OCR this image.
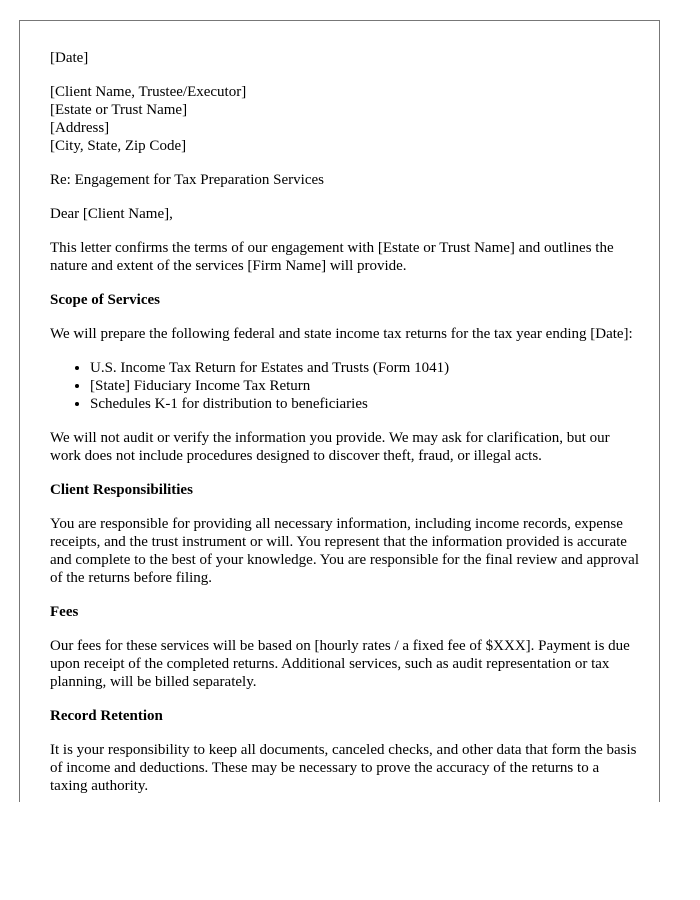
[Date]

[Client Name, Trustee/Executor]

[Estate or Trust Name]

[Address]

[City, State, Zip Code]

Re: Engagement for Tax Preparation Services

Dear [Client Name],

This letter confirms the terms of our engagement with [Estate or Trust Name] and outlines the nature and extent of the services [Firm Name] will provide.

Scope of Services

We will prepare the following federal and state income tax returns for the tax year ending [Date]:

• U.S. Income Tax Return for Estates and Trusts (Form 1041)
• [State] Fiduciary Income Tax Return
• Schedules K-1 for distribution to beneficiaries

We will not audit or verify the information you provide. We may ask for clarification, but our work does not include procedures designed to discover theft, fraud, or illegal acts.

Client Responsibilities

You are responsible for providing all necessary information, including income records, expense receipts, and the trust instrument or will. You represent that the information provided is accurate and complete to the best of your knowledge. You are responsible for the final review and approval of the returns before filing.

Fees

Our fees for these services will be based on [hourly rates / a fixed fee of $XXX]. Payment is due upon receipt of the completed returns. Additional services, such as audit representation or tax planning, will be billed separately.

Record Retention

It is your responsibility to keep all documents, canceled checks, and other data that form the basis of income and deductions. These may be necessary to prove the accuracy of the returns to a taxing authority.
